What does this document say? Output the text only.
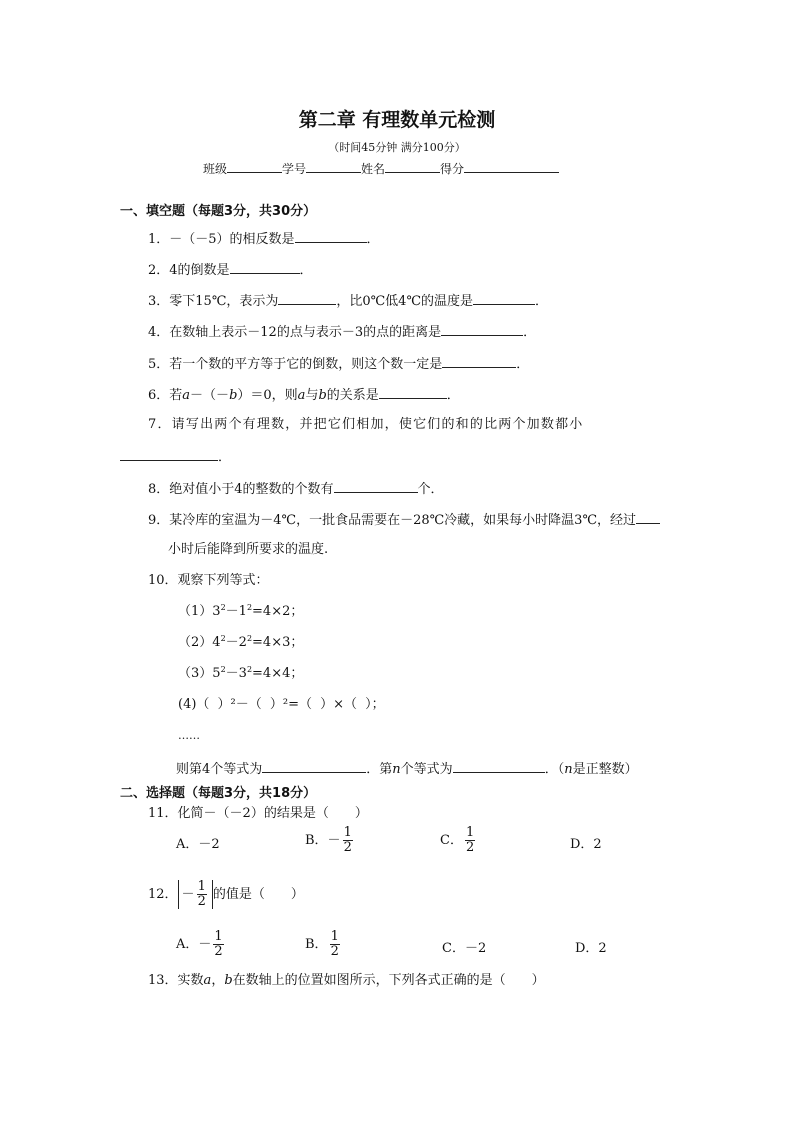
第二章 有理数单元检测
（时间45分钟 满分100分）
班级	学号	姓名	得分
一、填空题（每题3分，共30分）
1．－（－5）的相反数是	．
2．4的倒数是	．
3．零下15℃，表示为	，比0℃低4℃的温度是	．
4．在数轴上表示－12的点与表示－3的点的距离是	．
5．若一个数的平方等于它的倒数，则这个数一定是	．
6．若a－（－b）＝0，则a与b的关系是	．
7．请写出两个有理数，并把它们相加，使它们的和的比两个加数都小
．
8．绝对值小于4的整数的个数有	个．
9．某冷库的室温为－4℃，一批食品需要在－28℃冷藏，如果每小时降温3℃，经过
小时后能降到所要求的温度.
10．观察下列等式：
$(1)3^2-1^2=4\times 2$；
$(2)4^2-2^2=4\times 3$；
$(3)5^2-3^2=4\times 4$；
(4)（ ）²－（ ）²=（ ）×（ ）；
……
则第4个等式为	．第n个等式为	．（n是正整数）
二、选择题（每题3分，共18分）
11．化简－（－2）的结果是（　　）
A．－2	B．－ $\frac{1}{2}$	C． $\frac{1}{2}$	D．2
12． － $\frac{1}{2}$ 的值是（　　）
A．－ $\frac{1}{2}$	B． $\frac{1}{2}$	C．－2	D．2
13．实数a，b在数轴上的位置如图所示，下列各式正确的是（　　）
